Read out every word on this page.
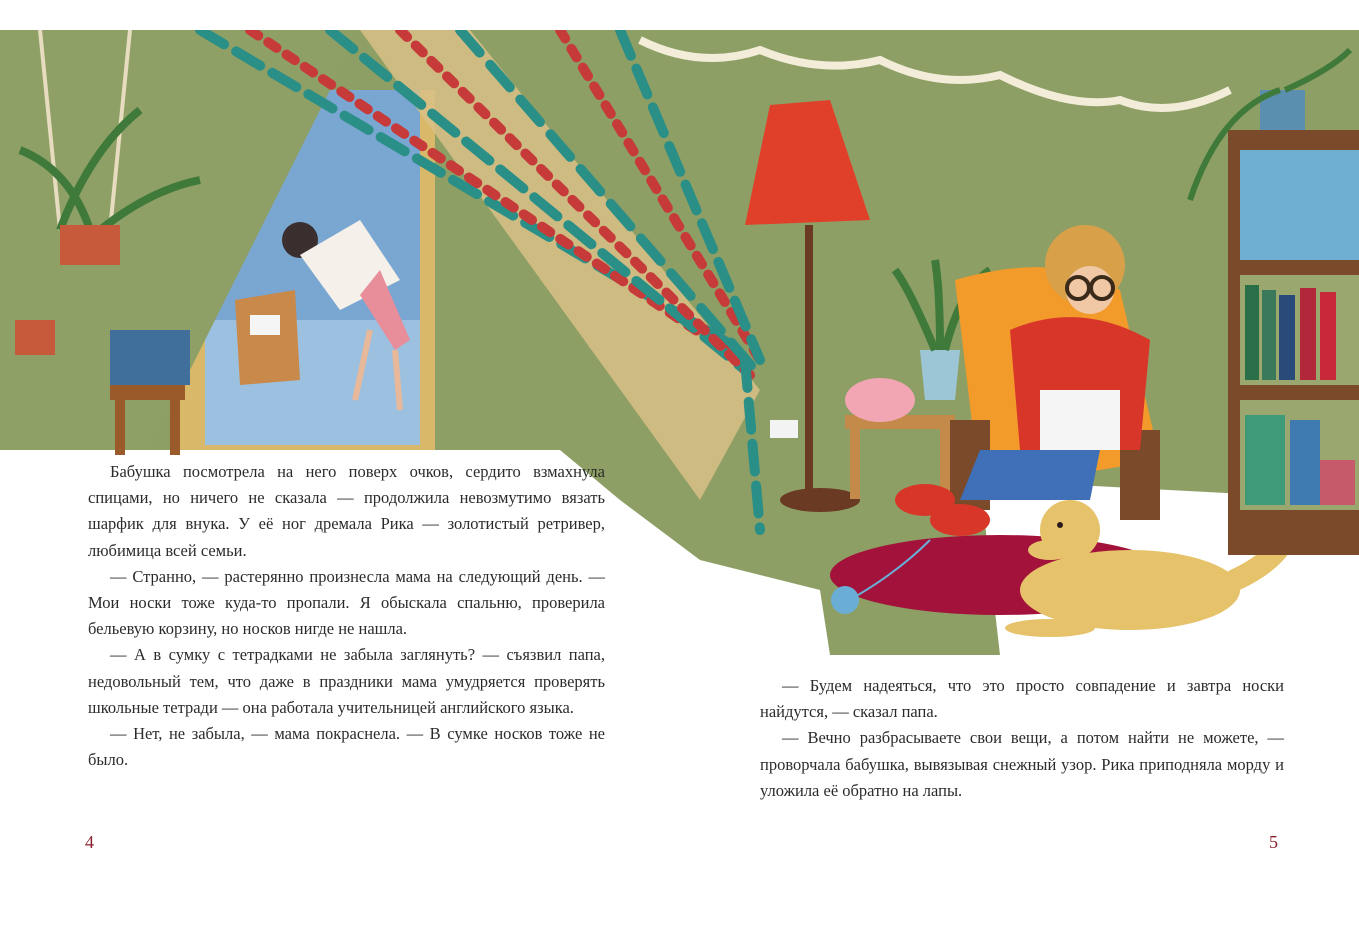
Бабушка посмотрела на него поверх очков, сердито взмахнула спицами, но ничего не сказала — продолжила невозмутимо вязать шарфик для внука. У её ног дремала Рика — золотистый ретривер, любимица всей семьи.

— Странно, — растерянно произнесла мама на следующий день. — Мои носки тоже куда-то пропали. Я обыскала спальню, проверила бельевую корзину, но носков нигде не нашла.

— А в сумку с тетрадками не забыла заглянуть? — съязвил папа, недовольный тем, что даже в праздники мама умудряется проверять школьные тетради — она работала учительницей английского языка.

— Нет, не забыла, — мама покраснела. — В сумке носков тоже не было.

— Будем надеяться, что это просто совпадение и завтра носки найдутся, — сказал папа.

— Вечно разбрасываете свои вещи, а потом найти не можете, — проворчала бабушка, вывязывая снежный узор. Рика приподняла морду и уложила её обратно на лапы.

4	5
